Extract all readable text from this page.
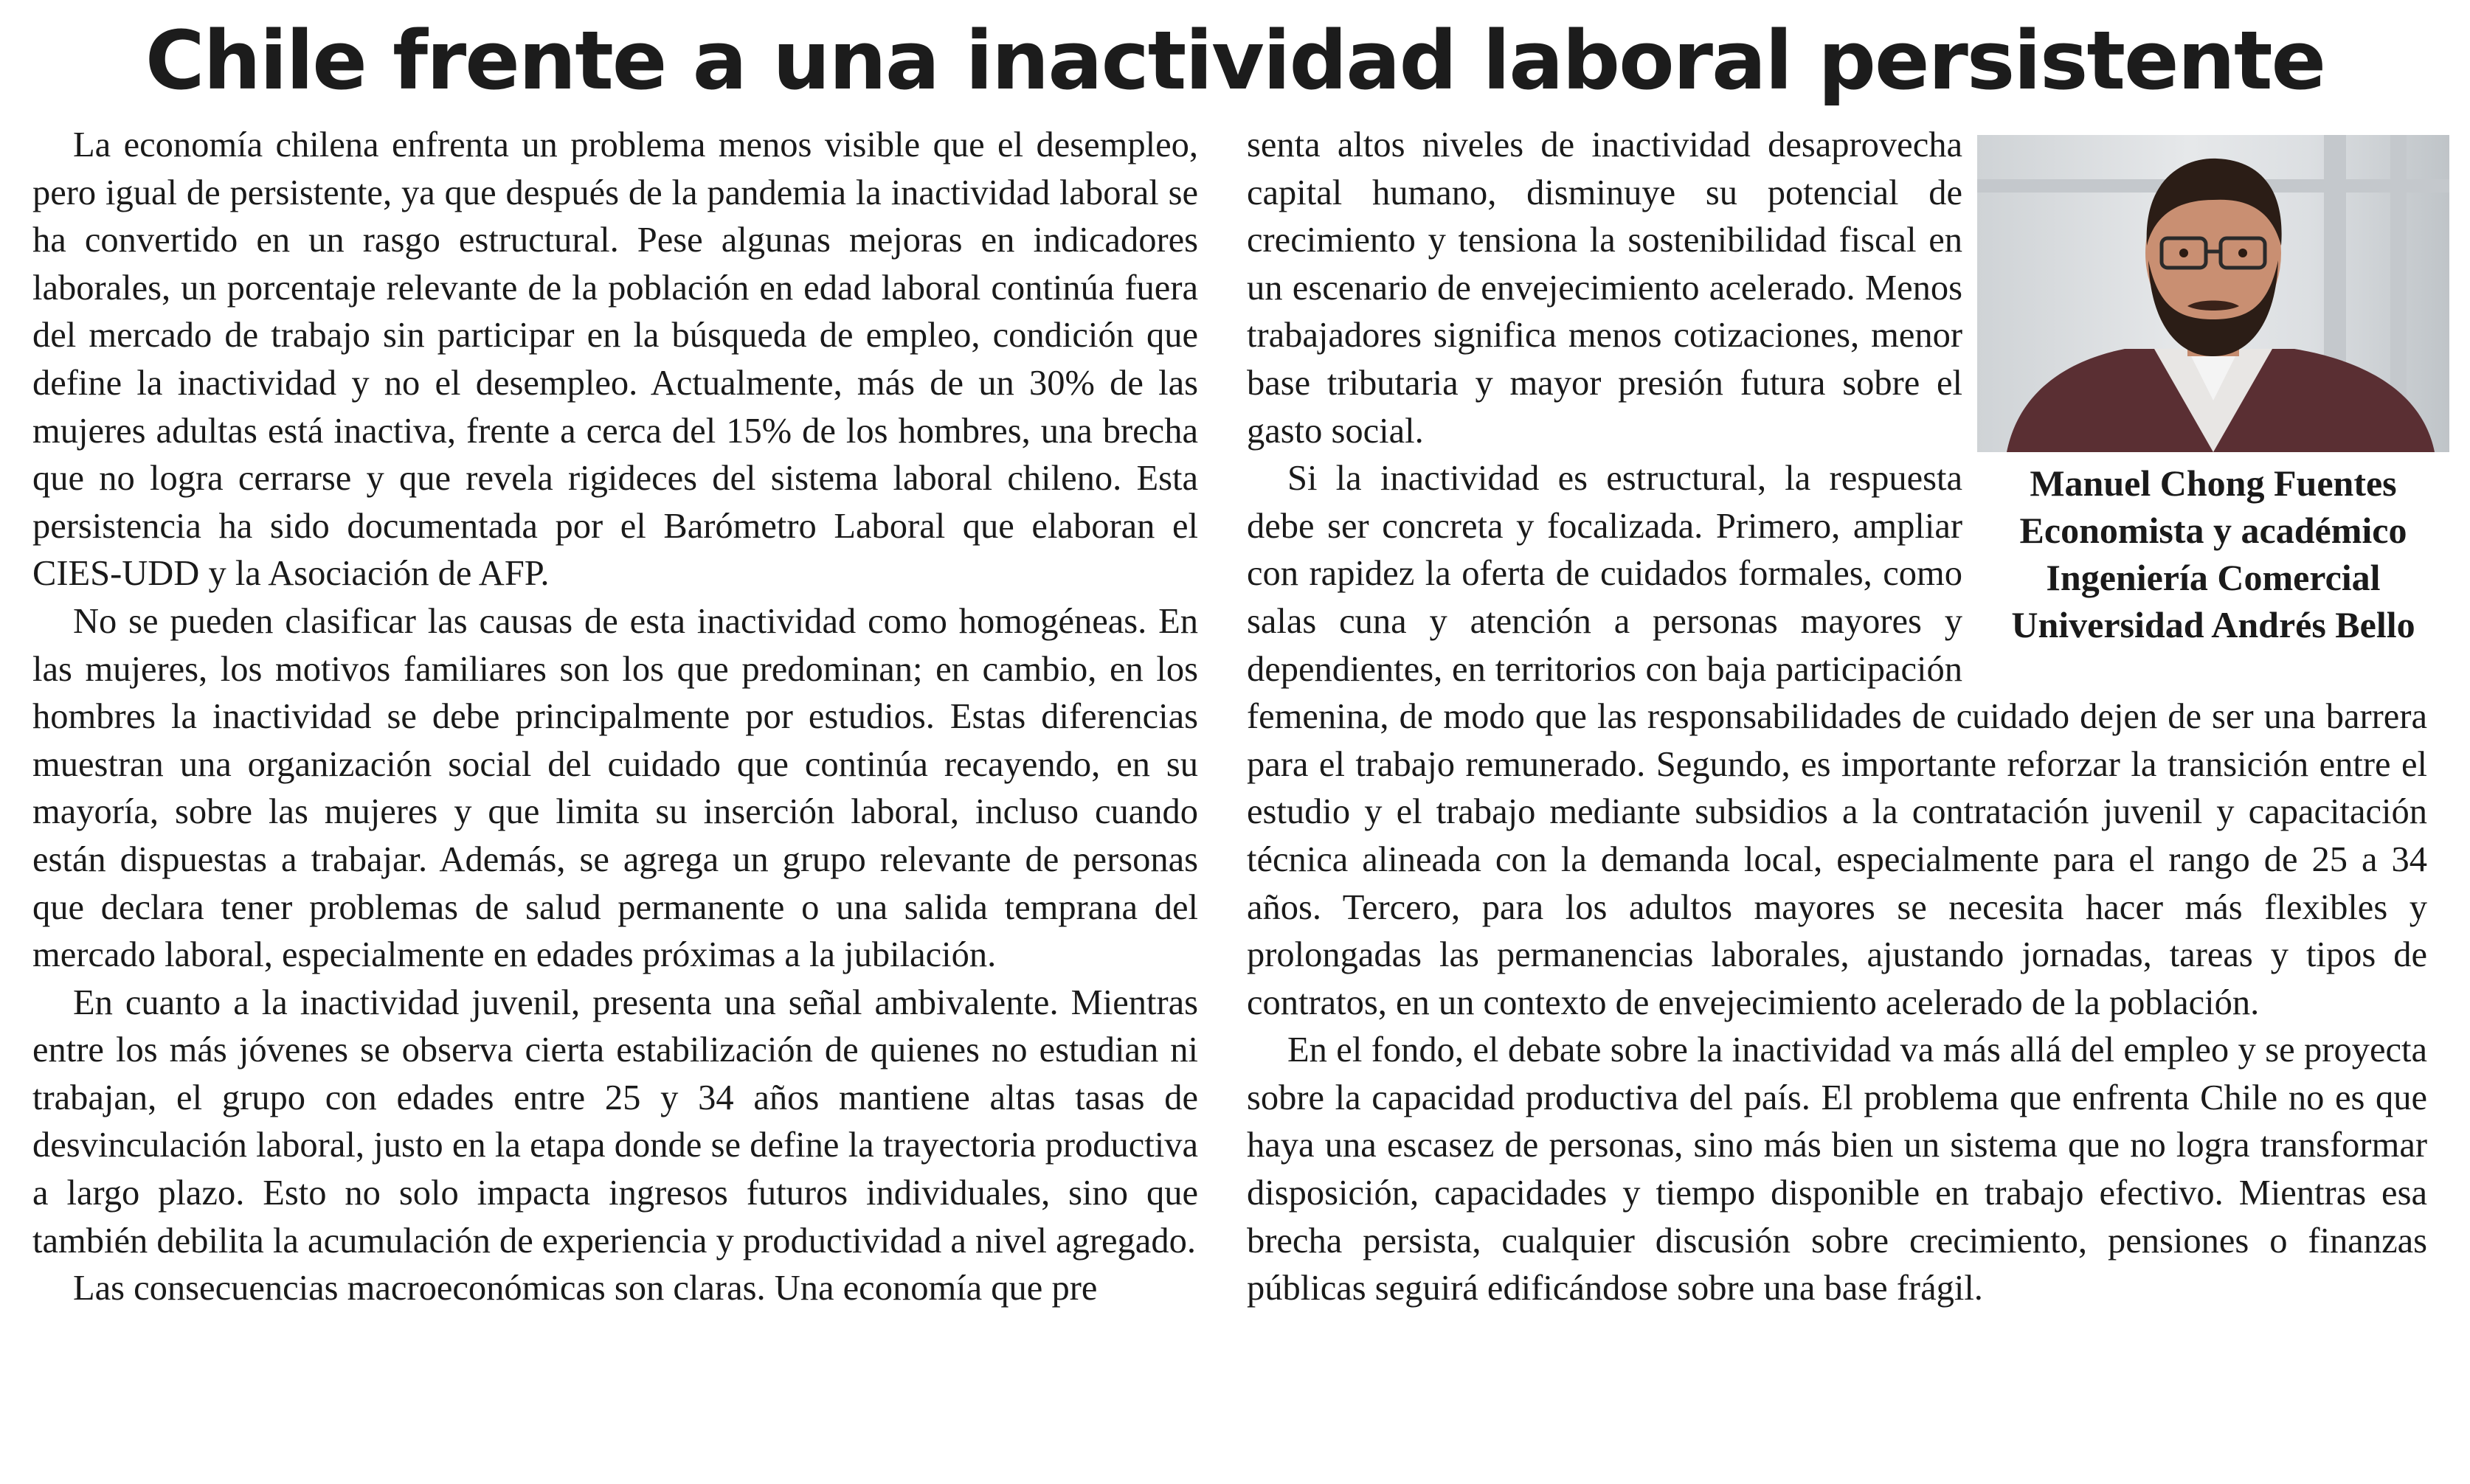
Chile frente a una inactividad laboral persistente

La economía chilena enfrenta un problema menos visible que el desempleo, pero igual de persistente, ya que después de la pandemia la inactividad laboral se ha convertido en un rasgo estructural. Pese algunas mejoras en indicadores laborales, un porcentaje relevante de la población en edad laboral continúa fuera del mercado de trabajo sin participar en la búsqueda de empleo, condición que define la inactividad y no el desempleo. Actualmente, más de un 30% de las mujeres adultas está inactiva, frente a cerca del 15% de los hombres, una brecha que no logra cerrarse y que revela rigideces del sistema laboral chileno. Esta persistencia ha sido documentada por el Barómetro Laboral que elaboran el CIES-UDD y la Asociación de AFP.

No se pueden clasificar las causas de esta inactividad como homogéneas. En las mujeres, los motivos familiares son los que predominan; en cambio, en los hombres la inactividad se debe principalmente por estudios. Estas diferencias muestran una organización social del cuidado que continúa recayendo, en su mayoría, sobre las mujeres y que limita su inserción laboral, incluso cuando están dispuestas a trabajar. Además, se agrega un grupo relevante de personas que declara tener problemas de salud permanente o una salida temprana del mercado laboral, especialmente en edades próximas a la jubilación.

En cuanto a la inactividad juvenil, presenta una señal ambivalente. Mientras entre los más jóvenes se observa cierta estabilización de quienes no estudian ni trabajan, el grupo con edades entre 25 y 34 años mantiene altas tasas de desvinculación laboral, justo en la etapa donde se define la trayectoria productiva a largo plazo. Esto no solo impacta ingresos futuros individuales, sino que también debilita la acumulación de experiencia y productividad a nivel agregado.

Las consecuencias macroeconómicas son claras. Una economía que pre

Manuel Chong Fuentes
Economista y académico
Ingeniería Comercial
Universidad Andrés Bello

senta altos niveles de inactividad desaprovecha capital humano, disminuye su potencial de crecimiento y tensiona la sostenibilidad fiscal en un escenario de envejecimiento acelerado. Menos trabajadores significa menos cotizaciones, menor base tributaria y mayor presión futura sobre el gasto social.

Si la inactividad es estructural, la respuesta debe ser concreta y focalizada. Primero, ampliar con rapidez la oferta de cuidados formales, como salas cuna y atención a personas mayores y dependientes, en territorios con baja participación femenina, de modo que las responsabilidades de cuidado dejen de ser una barrera para el trabajo remunerado. Segundo, es importante reforzar la transición entre el estudio y el trabajo mediante subsidios a la contratación juvenil y capacitación técnica alineada con la demanda local, especialmente para el rango de 25 a 34 años. Tercero, para los adultos mayores se necesita hacer más flexibles y prolongadas las permanencias laborales, ajustando jornadas, tareas y tipos de contratos, en un contexto de envejecimiento acelerado de la población.

En el fondo, el debate sobre la inactividad va más allá del empleo y se proyecta sobre la capacidad productiva del país. El problema que enfrenta Chile no es que haya una escasez de personas, sino más bien un sistema que no logra transformar disposición, capacidades y tiempo disponible en trabajo efectivo. Mientras esa brecha persista, cualquier discusión sobre crecimiento, pensiones o finanzas públicas seguirá edificándose sobre una base frágil.
